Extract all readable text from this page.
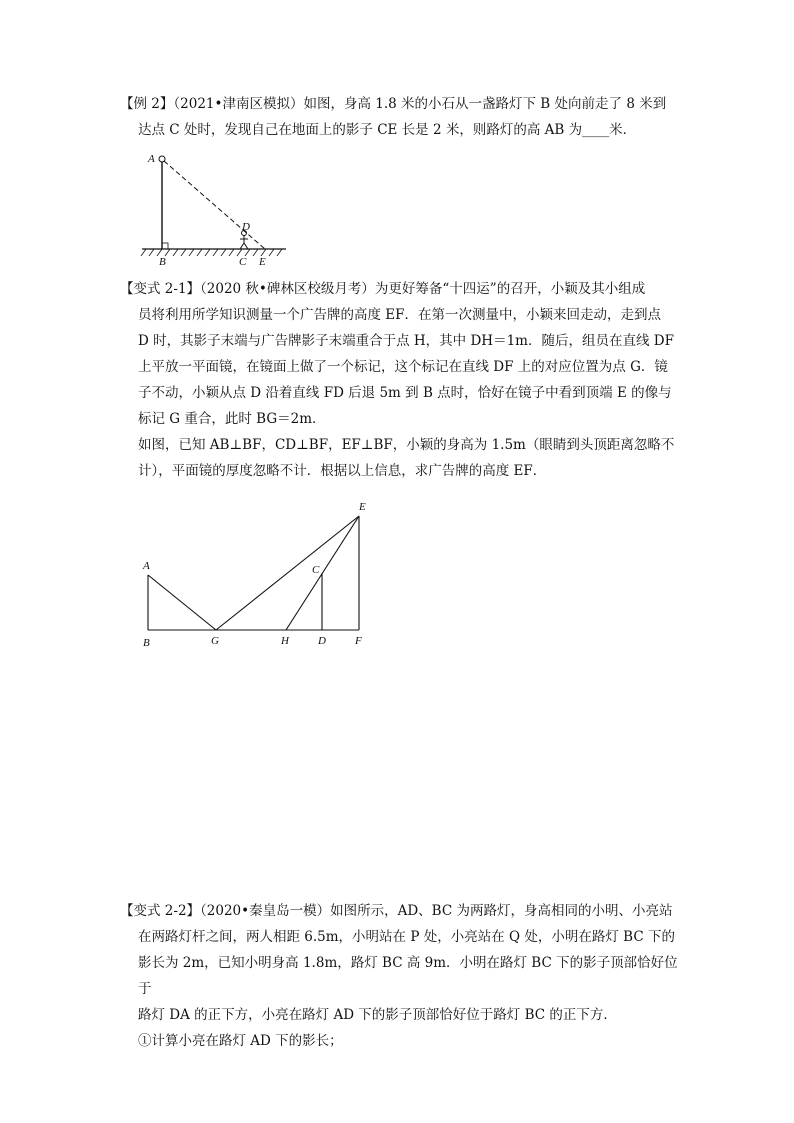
【例 2】（2021•津南区模拟）如图，身高 1.8 米的小石从一盏路灯下 B 处向前走了 8 米到

达点 C 处时，发现自己在地面上的影子 CE 长是 2 米，则路灯的高 AB 为____米．

A
B
D
C E

【变式 2-1】（2020 秋•碑林区校级月考）为更好筹备“十四运”的召开，小颖及其小组成

员将利用所学知识测量一个广告牌的高度 EF．在第一次测量中，小颖来回走动，走到点

D 时，其影子末端与广告牌影子末端重合于点 H，其中 DH＝1m．随后，组员在直线 DF

上平放一平面镜，在镜面上做了一个标记，这个标记在直线 DF 上的对应位置为点 G．镜

子不动，小颖从点 D 沿着直线 FD 后退 5m 到 B 点时，恰好在镜子中看到顶端 E 的像与

标记 G 重合，此时 BG＝2m．

如图，已知 AB⊥BF，CD⊥BF，EF⊥BF，小颖的身高为 1.5m（眼睛到头顶距离忽略不

计），平面镜的厚度忽略不计．根据以上信息，求广告牌的高度 EF．

A
B	G	H	D	F
C
E

【变式 2-2】（2020•秦皇岛一模）如图所示，AD、BC 为两路灯，身高相同的小明、小亮站

在两路灯杆之间，两人相距 6.5m，小明站在 P 处，小亮站在 Q 处，小明在路灯 BC 下的

影长为 2m，已知小明身高 1.8m，路灯 BC 高 9m．小明在路灯 BC 下的影子顶部恰好位于

路灯 DA 的正下方，小亮在路灯 AD 下的影子顶部恰好位于路灯 BC 的正下方．

①计算小亮在路灯 AD 下的影长；
